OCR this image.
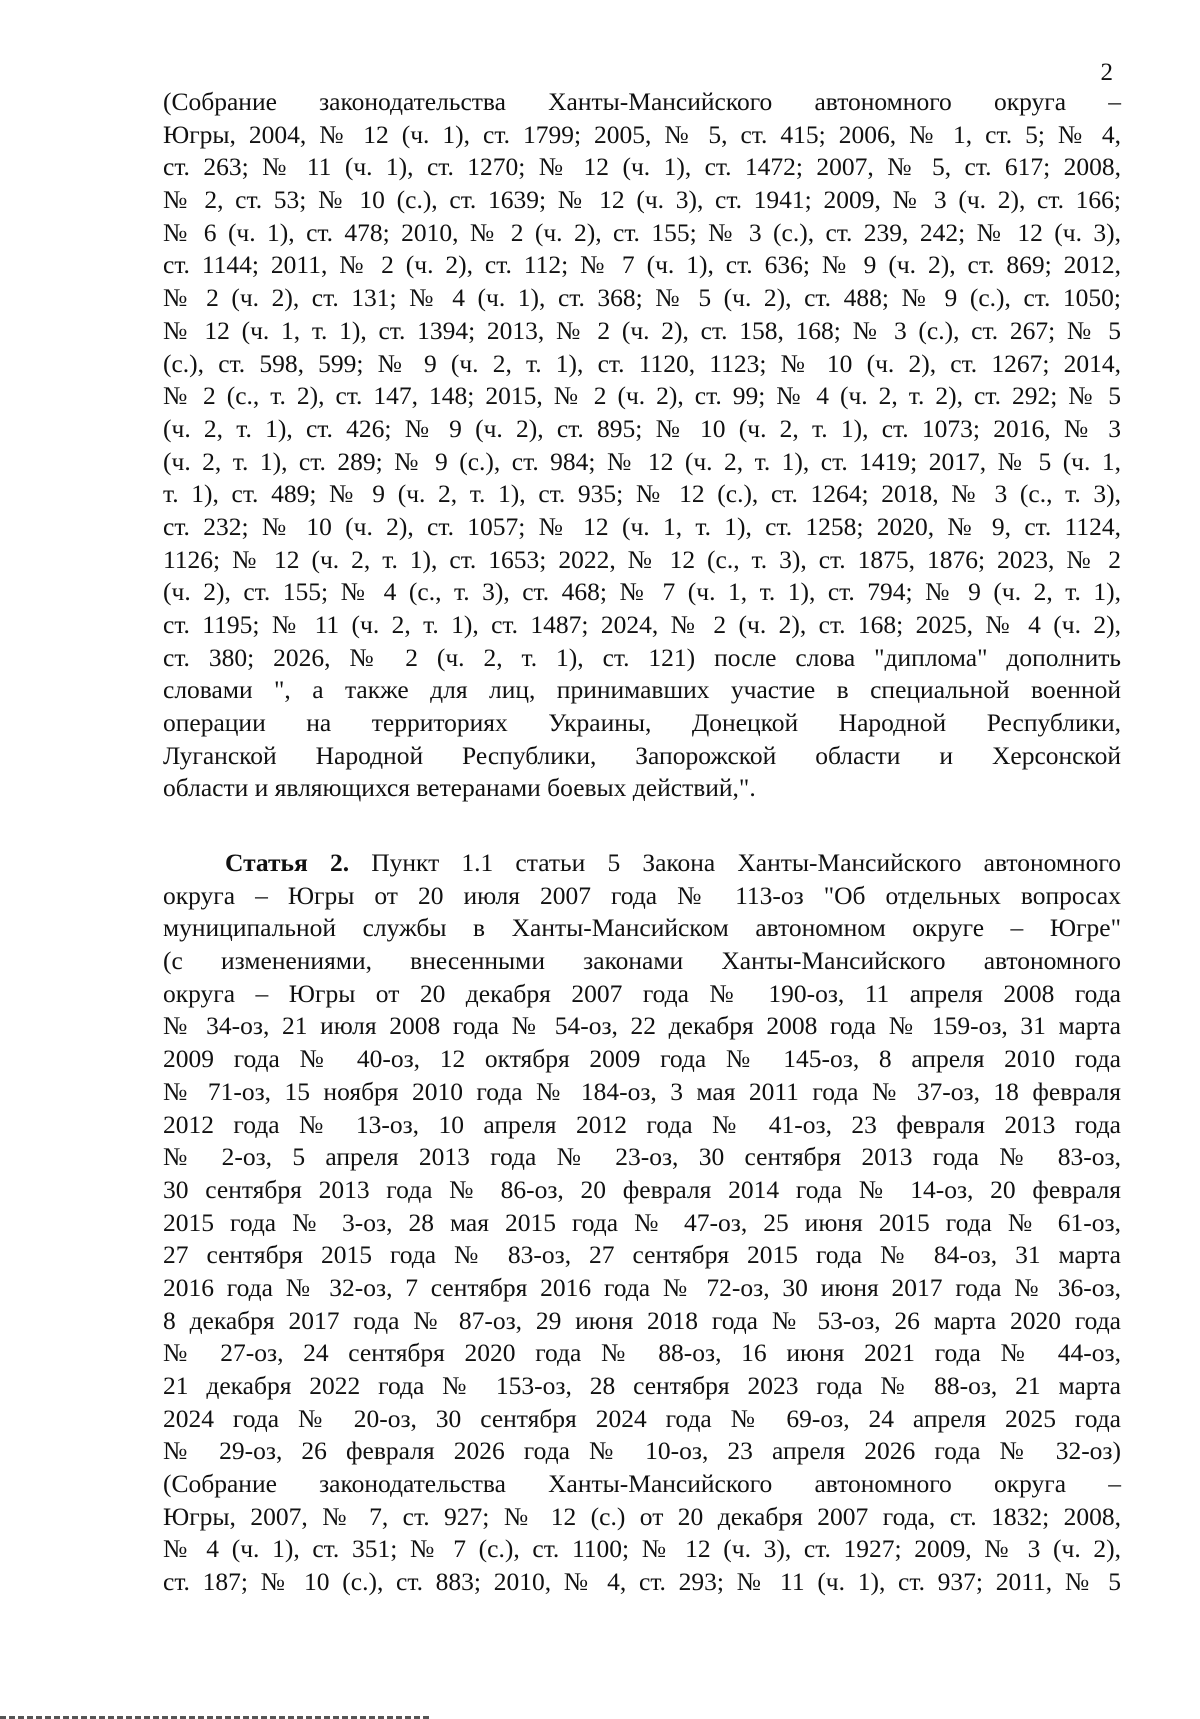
2
(Собрание законодательства Ханты-Мансийского автономного округа –
Югры, 2004, № 12 (ч. 1), ст. 1799; 2005, № 5, ст. 415; 2006, № 1, ст. 5; № 4,
ст. 263; № 11 (ч. 1), ст. 1270; № 12 (ч. 1), ст. 1472; 2007, № 5, ст. 617; 2008,
№ 2, ст. 53; № 10 (с.), ст. 1639; № 12 (ч. 3), ст. 1941; 2009, № 3 (ч. 2), ст. 166;
№ 6 (ч. 1), ст. 478; 2010, № 2 (ч. 2), ст. 155; № 3 (с.), ст. 239, 242; № 12 (ч. 3),
ст. 1144; 2011, № 2 (ч. 2), ст. 112; № 7 (ч. 1), ст. 636; № 9 (ч. 2), ст. 869; 2012,
№ 2 (ч. 2), ст. 131; № 4 (ч. 1), ст. 368; № 5 (ч. 2), ст. 488; № 9 (с.), ст. 1050;
№ 12 (ч. 1, т. 1), ст. 1394; 2013, № 2 (ч. 2), ст. 158, 168; № 3 (с.), ст. 267; № 5
(с.), ст. 598, 599; № 9 (ч. 2, т. 1), ст. 1120, 1123; № 10 (ч. 2), ст. 1267; 2014,
№ 2 (с., т. 2), ст. 147, 148; 2015, № 2 (ч. 2), ст. 99; № 4 (ч. 2, т. 2), ст. 292; № 5
(ч. 2, т. 1), ст. 426; № 9 (ч. 2), ст. 895; № 10 (ч. 2, т. 1), ст. 1073; 2016, № 3
(ч. 2, т. 1), ст. 289; № 9 (с.), ст. 984; № 12 (ч. 2, т. 1), ст. 1419; 2017, № 5 (ч. 1,
т. 1), ст. 489; № 9 (ч. 2, т. 1), ст. 935; № 12 (с.), ст. 1264; 2018, № 3 (с., т. 3),
ст. 232; № 10 (ч. 2), ст. 1057; № 12 (ч. 1, т. 1), ст. 1258; 2020, № 9, ст. 1124,
1126; № 12 (ч. 2, т. 1), ст. 1653; 2022, № 12 (с., т. 3), ст. 1875, 1876; 2023, № 2
(ч. 2), ст. 155; № 4 (с., т. 3), ст. 468; № 7 (ч. 1, т. 1), ст. 794; № 9 (ч. 2, т. 1),
ст. 1195; № 11 (ч. 2, т. 1), ст. 1487; 2024, № 2 (ч. 2), ст. 168; 2025, № 4 (ч. 2),
ст. 380; 2026, № 2 (ч. 2, т. 1), ст. 121) после слова "диплома" дополнить
словами ", а также для лиц, принимавших участие в специальной военной
операции на территориях Украины, Донецкой Народной Республики,
Луганской Народной Республики, Запорожской области и Херсонской
области и являющихся ветеранами боевых действий,".
Статья 2. Пункт 1.1 статьи 5 Закона Ханты-Мансийского автономного
округа – Югры от 20 июля 2007 года № 113-оз "Об отдельных вопросах
муниципальной службы в Ханты-Мансийском автономном округе – Югре"
(с изменениями, внесенными законами Ханты-Мансийского автономного
округа – Югры от 20 декабря 2007 года № 190-оз, 11 апреля 2008 года
№ 34-оз, 21 июля 2008 года № 54-оз, 22 декабря 2008 года № 159-оз, 31 марта
2009 года № 40-оз, 12 октября 2009 года № 145-оз, 8 апреля 2010 года
№ 71-оз, 15 ноября 2010 года № 184-оз, 3 мая 2011 года № 37-оз, 18 февраля
2012 года № 13-оз, 10 апреля 2012 года № 41-оз, 23 февраля 2013 года
№ 2-оз, 5 апреля 2013 года № 23-оз, 30 сентября 2013 года № 83-оз,
30 сентября 2013 года № 86-оз, 20 февраля 2014 года № 14-оз, 20 февраля
2015 года № 3-оз, 28 мая 2015 года № 47-оз, 25 июня 2015 года № 61-оз,
27 сентября 2015 года № 83-оз, 27 сентября 2015 года № 84-оз, 31 марта
2016 года № 32-оз, 7 сентября 2016 года № 72-оз, 30 июня 2017 года № 36-оз,
8 декабря 2017 года № 87-оз, 29 июня 2018 года № 53-оз, 26 марта 2020 года
№ 27-оз, 24 сентября 2020 года № 88-оз, 16 июня 2021 года № 44-оз,
21 декабря 2022 года № 153-оз, 28 сентября 2023 года № 88-оз, 21 марта
2024 года № 20-оз, 30 сентября 2024 года № 69-оз, 24 апреля 2025 года
№ 29-оз, 26 февраля 2026 года № 10-оз, 23 апреля 2026 года № 32-оз)
(Собрание законодательства Ханты-Мансийского автономного округа –
Югры, 2007, № 7, ст. 927; № 12 (с.) от 20 декабря 2007 года, ст. 1832; 2008,
№ 4 (ч. 1), ст. 351; № 7 (с.), ст. 1100; № 12 (ч. 3), ст. 1927; 2009, № 3 (ч. 2),
ст. 187; № 10 (с.), ст. 883; 2010, № 4, ст. 293; № 11 (ч. 1), ст. 937; 2011, № 5
